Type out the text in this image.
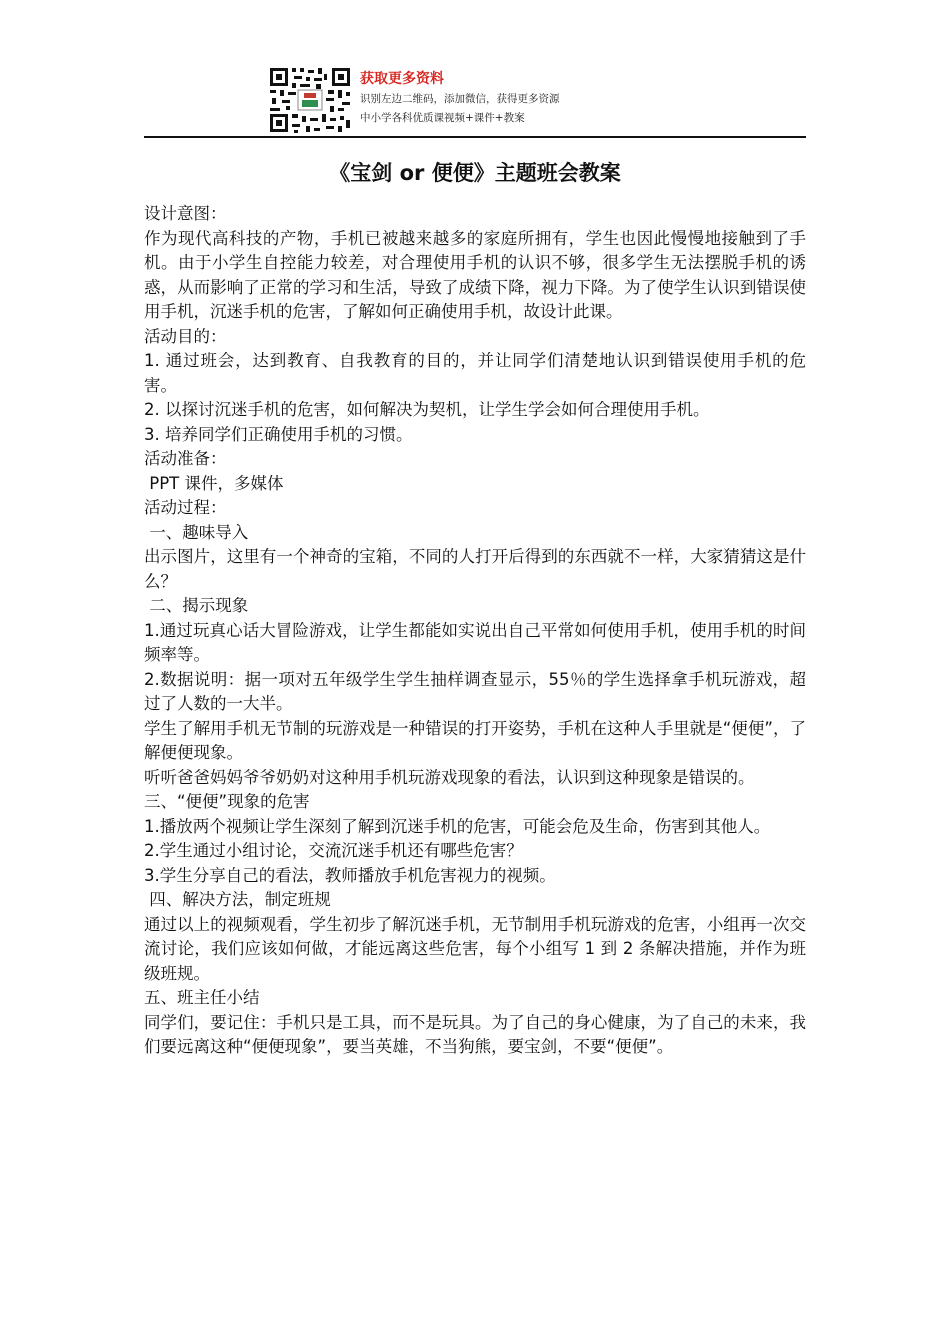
获取更多资料
识别左边二维码，添加微信，获得更多资源
中小学各科优质课视频+课件+教案
《宝剑 or 便便》主题班会教案

设计意图：

作为现代高科技的产物，手机已被越来越多的家庭所拥有，学生也因此慢慢地接触到了手机。由于小学生自控能力较差，对合理使用手机的认识不够，很多学生无法摆脱手机的诱惑，从而影响了正常的学习和生活，导致了成绩下降，视力下降。为了使学生认识到错误使用手机，沉迷手机的危害，了解如何正确使用手机，故设计此课。

活动目的：

1. 通过班会，达到教育、自我教育的目的，并让同学们清楚地认识到错误使用手机的危害。

2. 以探讨沉迷手机的危害，如何解决为契机，让学生学会如何合理使用手机。

3. 培养同学们正确使用手机的习惯。

活动准备：

PPT 课件，多媒体

活动过程：

一、趣味导入

出示图片，这里有一个神奇的宝箱，不同的人打开后得到的东西就不一样，大家猜猜这是什么？

二、揭示现象

1.通过玩真心话大冒险游戏，让学生都能如实说出自己平常如何使用手机，使用手机的时间频率等。

2.数据说明：据一项对五年级学生学生抽样调查显示，55％的学生选择拿手机玩游戏，超过了人数的一大半。

学生了解用手机无节制的玩游戏是一种错误的打开姿势，手机在这种人手里就是“便便”，了解便便现象。

听听爸爸妈妈爷爷奶奶对这种用手机玩游戏现象的看法，认识到这种现象是错误的。

三、“便便”现象的危害

1.播放两个视频让学生深刻了解到沉迷手机的危害，可能会危及生命，伤害到其他人。

2.学生通过小组讨论，交流沉迷手机还有哪些危害？

3.学生分享自己的看法，教师播放手机危害视力的视频。

四、解决方法，制定班规

通过以上的视频观看，学生初步了解沉迷手机，无节制用手机玩游戏的危害，小组再一次交流讨论，我们应该如何做，才能远离这些危害，每个小组写 1 到 2 条解决措施，并作为班级班规。

五、班主任小结

同学们，要记住：手机只是工具，而不是玩具。为了自己的身心健康，为了自己的未来，我们要远离这种“便便现象”，要当英雄，不当狗熊，要宝剑，不要“便便”。
